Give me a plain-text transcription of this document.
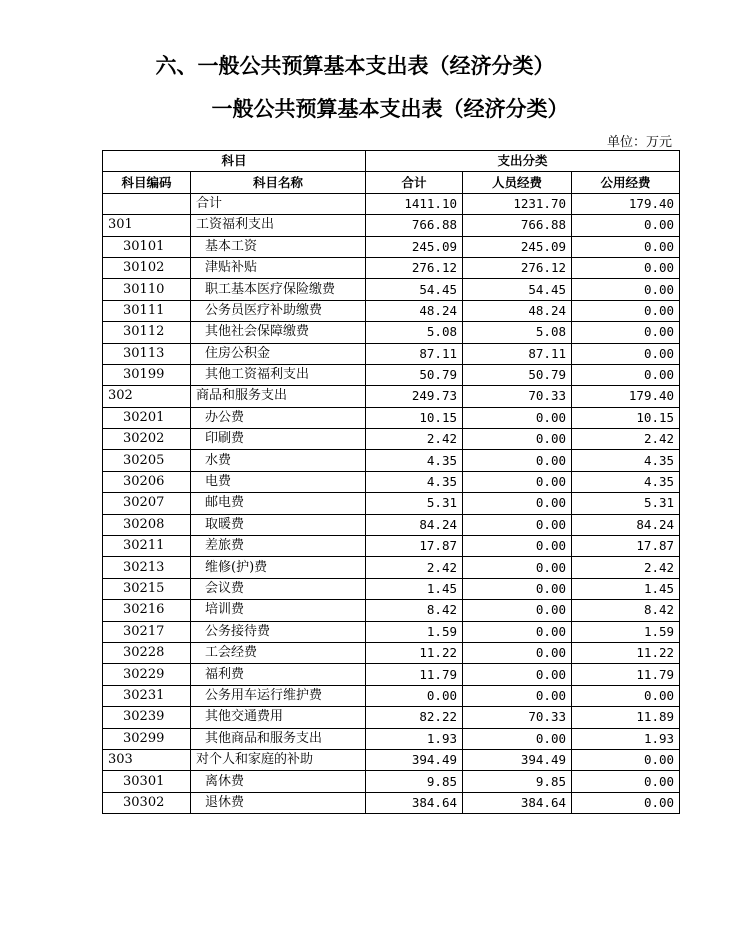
六、一般公共预算基本支出表（经济分类）
一般公共预算基本支出表（经济分类）
单位：万元
科目		支出分类		
科目编码	科目名称	合计	人员经费	公用经费
	合计	1411.10	1231.70	179.40
301	工资福利支出	766.88	766.88	0.00
30101	基本工资	245.09	245.09	0.00
30102	津贴补贴	276.12	276.12	0.00
30110	职工基本医疗保险缴费	54.45	54.45	0.00
30111	公务员医疗补助缴费	48.24	48.24	0.00
30112	其他社会保障缴费	5.08	5.08	0.00
30113	住房公积金	87.11	87.11	0.00
30199	其他工资福利支出	50.79	50.79	0.00
302	商品和服务支出	249.73	70.33	179.40
30201	办公费	10.15	0.00	10.15
30202	印刷费	2.42	0.00	2.42
30205	水费	4.35	0.00	4.35
30206	电费	4.35	0.00	4.35
30207	邮电费	5.31	0.00	5.31
30208	取暖费	84.24	0.00	84.24
30211	差旅费	17.87	0.00	17.87
30213	维修(护)费	2.42	0.00	2.42
30215	会议费	1.45	0.00	1.45
30216	培训费	8.42	0.00	8.42
30217	公务接待费	1.59	0.00	1.59
30228	工会经费	11.22	0.00	11.22
30229	福利费	11.79	0.00	11.79
30231	公务用车运行维护费	0.00	0.00	0.00
30239	其他交通费用	82.22	70.33	11.89
30299	其他商品和服务支出	1.93	0.00	1.93
303	对个人和家庭的补助	394.49	394.49	0.00
30301	离休费	9.85	9.85	0.00
30302	退休费	384.64	384.64	0.00
